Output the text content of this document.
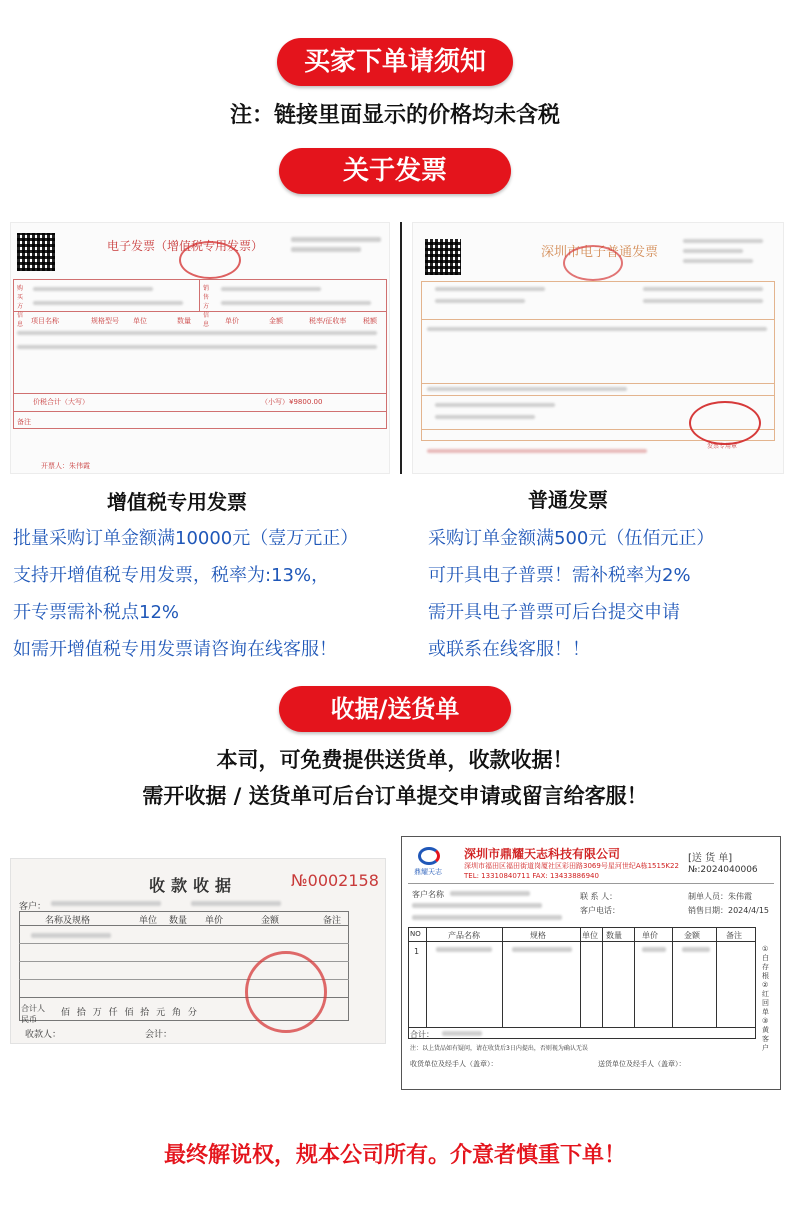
买家下单请须知
注：链接里面显示的价格均未含税
关于发票
电子发票（增值税专用发票）
购买方信息
销售方信息
项目名称	规格型号 单位	数量	单价	金额	税率/征收率 税额
价税合计（大写）	（小写）¥9800.00
备注
开票人：朱伟霞
深圳市电子普通发票
发票专用章
增值税专用发票	普通发票
批量采购订单金额满10000元（壹万元正）
支持开增值税专用发票，税率为:13%，
开专票需补税点12%
如需开增值税专用发票请咨询在线客服！
采购订单金额满500元（伍佰元正）
可开具电子普票！需补税率为2%
需开具电子普票可后台提交申请
或联系在线客服！！
收据/送货单
本司，可免费提供送货单，收款收据！
需开收据 / 送货单可后台订单提交申请或留言给客服！
收款收据	№0002158
客户：
名称及规格	单位 数量 单价	金额	备注
合计人民币
佰 拾 万 仟 佰 拾 元 角 分
收款人：	会计：
鼎耀天志
深圳市鼎耀天志科技有限公司
深圳市福田区福田街道岗厦社区彩田路3069号星河世纪A栋1515K22
TEL: 13310840711 FAX: 13433886940
[送 货 单]
№:2024040006
客户名称	联 系 人：
客户电话：
制单人员：朱伟霞
销售日期：2024/4/15
NO	产品名称	规格	单位 数量	单价	金额	备注
1
合计：
注：以上货品如有疑问，请在收货后3日内提出，否则视为确认无误
收货单位及经手人（盖章）：	送货单位及经手人（盖章）：
①白存根 ②红回单 ③黄客户
最终解说权，规本公司所有。介意者慎重下单！
